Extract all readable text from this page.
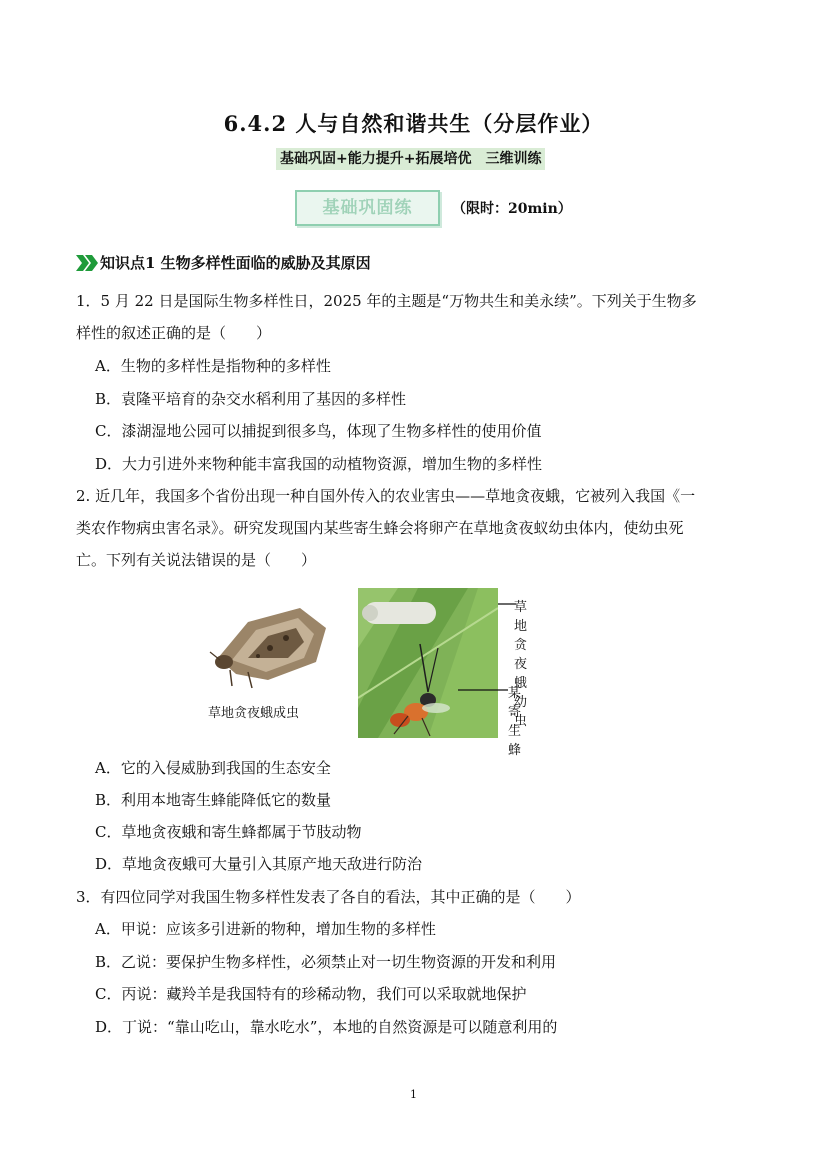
6.4.2 人与自然和谐共生（分层作业）
基础巩固+能力提升+拓展培优　三维训练
基础巩固练	（限时：20min）
知识点1 生物多样性面临的威胁及其原因
1．5 月 22 日是国际生物多样性日，2025 年的主题是“万物共生和美永续”。下列关于生物多
样性的叙述正确的是（　　）
A．生物的多样性是指物种的多样性
B．袁隆平培育的杂交水稻利用了基因的多样性
C．漆湖湿地公园可以捕捉到很多鸟，体现了生物多样性的使用价值
D．大力引进外来物种能丰富我国的动植物资源，增加生物的多样性
2. 近几年，我国多个省份出现一种自国外传入的农业害虫——草地贪夜蛾，它被列入我国《一
类农作物病虫害名录》。研究发现国内某些寄生蜂会将卵产在草地贪夜蚁幼虫体内，使幼虫死
亡。下列有关说法错误的是（　　）
草地贪夜蛾成虫
草地贪夜蛾幼虫
某寄生蜂
A．它的入侵威胁到我国的生态安全
B．利用本地寄生蜂能降低它的数量
C．草地贪夜蛾和寄生蜂都属于节肢动物
D．草地贪夜蛾可大量引入其原产地天敌进行防治
3．有四位同学对我国生物多样性发表了各自的看法，其中正确的是（　　）
A．甲说：应该多引进新的物种，增加生物的多样性
B．乙说：要保护生物多样性，必须禁止对一切生物资源的开发和利用
C．丙说：藏羚羊是我国特有的珍稀动物，我们可以采取就地保护
D．丁说：“靠山吃山，靠水吃水”，本地的自然资源是可以随意利用的
1
